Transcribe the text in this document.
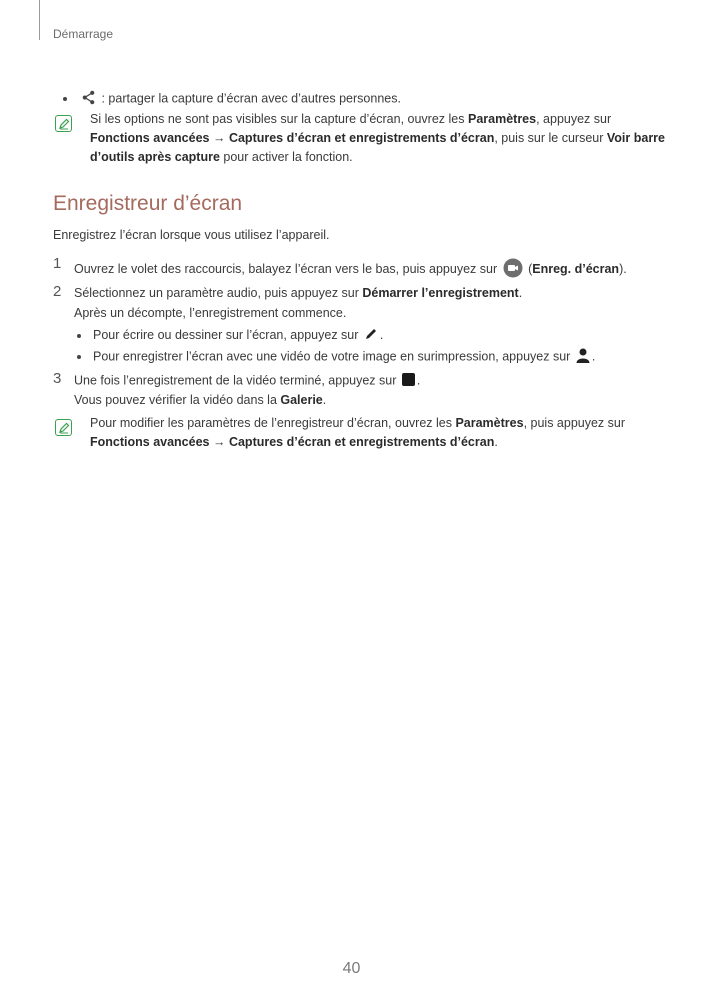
Démarrage
: partager la capture d’écran avec d’autres personnes.
Si les options ne sont pas visibles sur la capture d’écran, ouvrez les Paramètres, appuyez sur
Fonctions avancées → Captures d’écran et enregistrements d’écran, puis sur le curseur Voir barre
d’outils après capture pour activer la fonction.
Enregistreur d’écran
Enregistrez l’écran lorsque vous utilisez l’appareil.
1 Ouvrez le volet des raccourcis, balayez l’écran vers le bas, puis appuyez sur  (Enreg. d’écran).
2 Sélectionnez un paramètre audio, puis appuyez sur Démarrer l’enregistrement.
Après un décompte, l’enregistrement commence.
Pour écrire ou dessiner sur l’écran, appuyez sur .
Pour enregistrer l’écran avec une vidéo de votre image en surimpression, appuyez sur .
3 Une fois l’enregistrement de la vidéo terminé, appuyez sur .
Vous pouvez vérifier la vidéo dans la Galerie.
Pour modifier les paramètres de l’enregistreur d’écran, ouvrez les Paramètres, puis appuyez sur
Fonctions avancées → Captures d’écran et enregistrements d’écran.
40
